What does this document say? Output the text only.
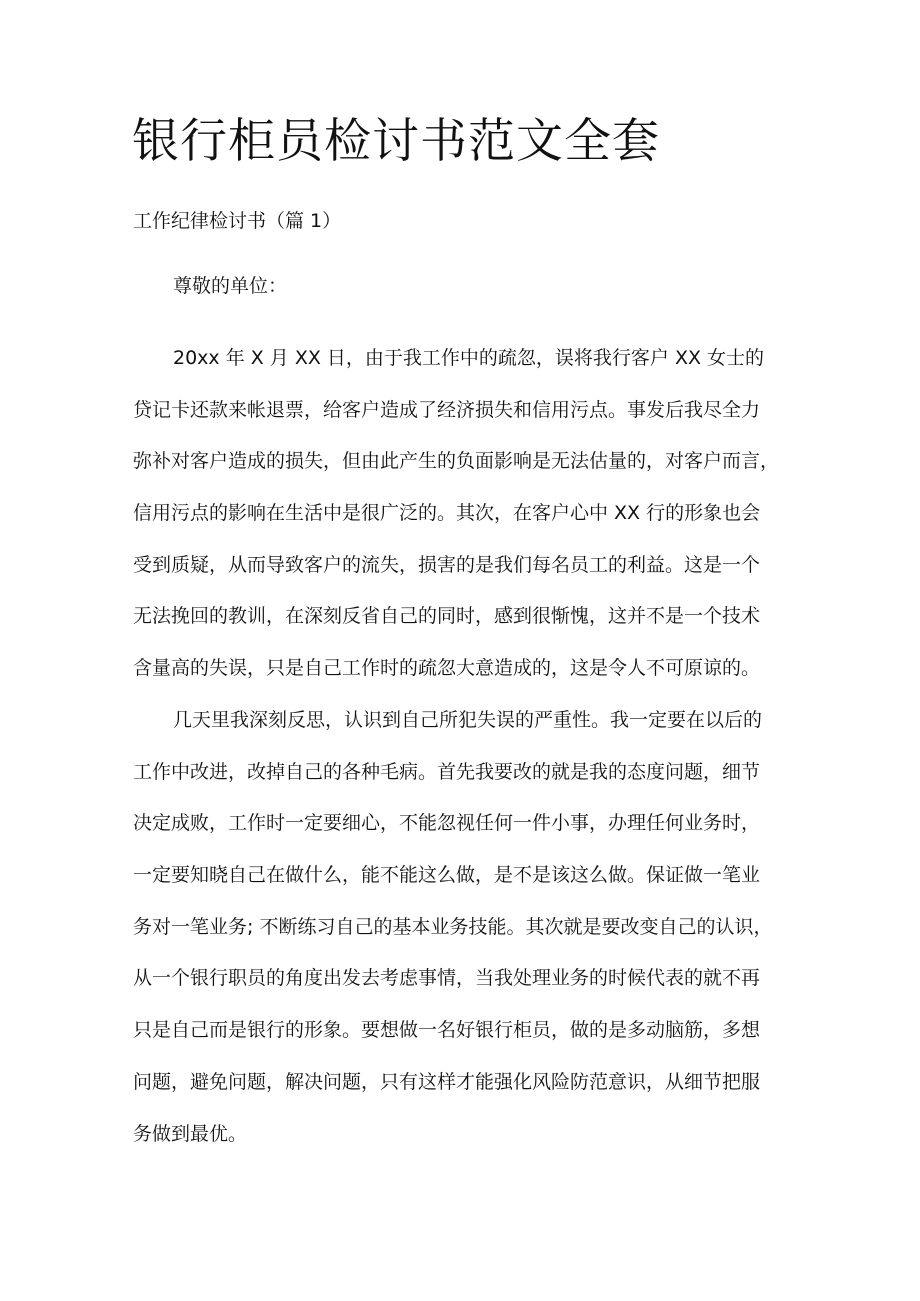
银行柜员检讨书范文全套
工作纪律检讨书（篇 1）

尊敬的单位：

20xx 年 X 月 XX 日，由于我工作中的疏忽，误将我行客户 XX 女士的
贷记卡还款来帐退票，给客户造成了经济损失和信用污点。事发后我尽全力
弥补对客户造成的损失，但由此产生的负面影响是无法估量的，对客户而言，
信用污点的影响在生活中是很广泛的。其次，在客户心中 XX 行的形象也会
受到质疑，从而导致客户的流失，损害的是我们每名员工的利益。这是一个
无法挽回的教训，在深刻反省自己的同时，感到很惭愧，这并不是一个技术
含量高的失误，只是自己工作时的疏忽大意造成的，这是令人不可原谅的。
几天里我深刻反思，认识到自己所犯失误的严重性。我一定要在以后的
工作中改进，改掉自己的各种毛病。首先我要改的就是我的态度问题，细节
决定成败，工作时一定要细心，不能忽视任何一件小事，办理任何业务时，
一定要知晓自己在做什么，能不能这么做，是不是该这么做。保证做一笔业
务对一笔业务; 不断练习自己的基本业务技能。其次就是要改变自己的认识，
从一个银行职员的角度出发去考虑事情，当我处理业务的时候代表的就不再
只是自己而是银行的形象。要想做一名好银行柜员，做的是多动脑筋，多想
问题，避免问题，解决问题，只有这样才能强化风险防范意识，从细节把服
务做到最优。
